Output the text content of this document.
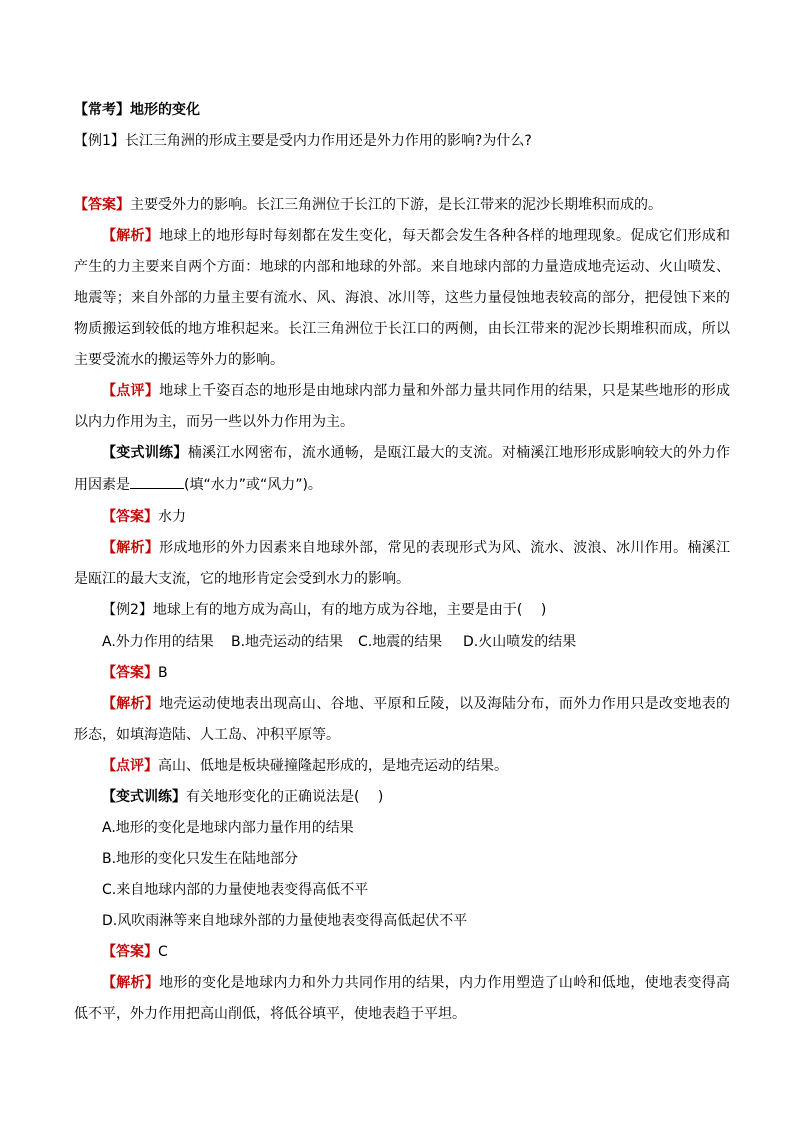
【常考】地形的变化
【例1】长江三角洲的形成主要是受内力作用还是外力作用的影响?为什么?
【答案】主要受外力的影响。长江三角洲位于长江的下游，是长江带来的泥沙长期堆积而成的。
【解析】地球上的地形每时每刻都在发生变化，每天都会发生各种各样的地理现象。促成它们形成和
产生的力主要来自两个方面：地球的内部和地球的外部。来自地球内部的力量造成地壳运动、火山喷发、
地震等；来自外部的力量主要有流水、风、海浪、冰川等，这些力量侵蚀地表较高的部分，把侵蚀下来的
物质搬运到较低的地方堆积起来。长江三角洲位于长江口的两侧，由长江带来的泥沙长期堆积而成，所以
主要受流水的搬运等外力的影响。
【点评】地球上千姿百态的地形是由地球内部力量和外部力量共同作用的结果，只是某些地形的形成
以内力作用为主，而另一些以外力作用为主。
【变式训练】楠溪江水网密布，流水通畅，是瓯江最大的支流。对楠溪江地形形成影响较大的外力作
用因素是	(填“水力”或“风力”)。
【答案】水力
【解析】形成地形的外力因素来自地球外部，常见的表现形式为风、流水、波浪、冰川作用。楠溪江
是瓯江的最大支流，它的地形肯定会受到水力的影响。
【例2】地球上有的地方成为高山，有的地方成为谷地，主要是由于(　 )
A.外力作用的结果 B.地壳运动的结果 C.地震的结果 D.火山喷发的结果
【答案】B
【解析】地壳运动使地表出现高山、谷地、平原和丘陵，以及海陆分布，而外力作用只是改变地表的
形态，如填海造陆、人工岛、冲积平原等。
【点评】高山、低地是板块碰撞隆起形成的，是地壳运动的结果。
【变式训练】有关地形变化的正确说法是(　 )
A.地形的变化是地球内部力量作用的结果
B.地形的变化只发生在陆地部分
C.来自地球内部的力量使地表变得高低不平
D.风吹雨淋等来自地球外部的力量使地表变得高低起伏不平
【答案】C
【解析】地形的变化是地球内力和外力共同作用的结果，内力作用塑造了山岭和低地，使地表变得高
低不平，外力作用把高山削低，将低谷填平，使地表趋于平坦。
